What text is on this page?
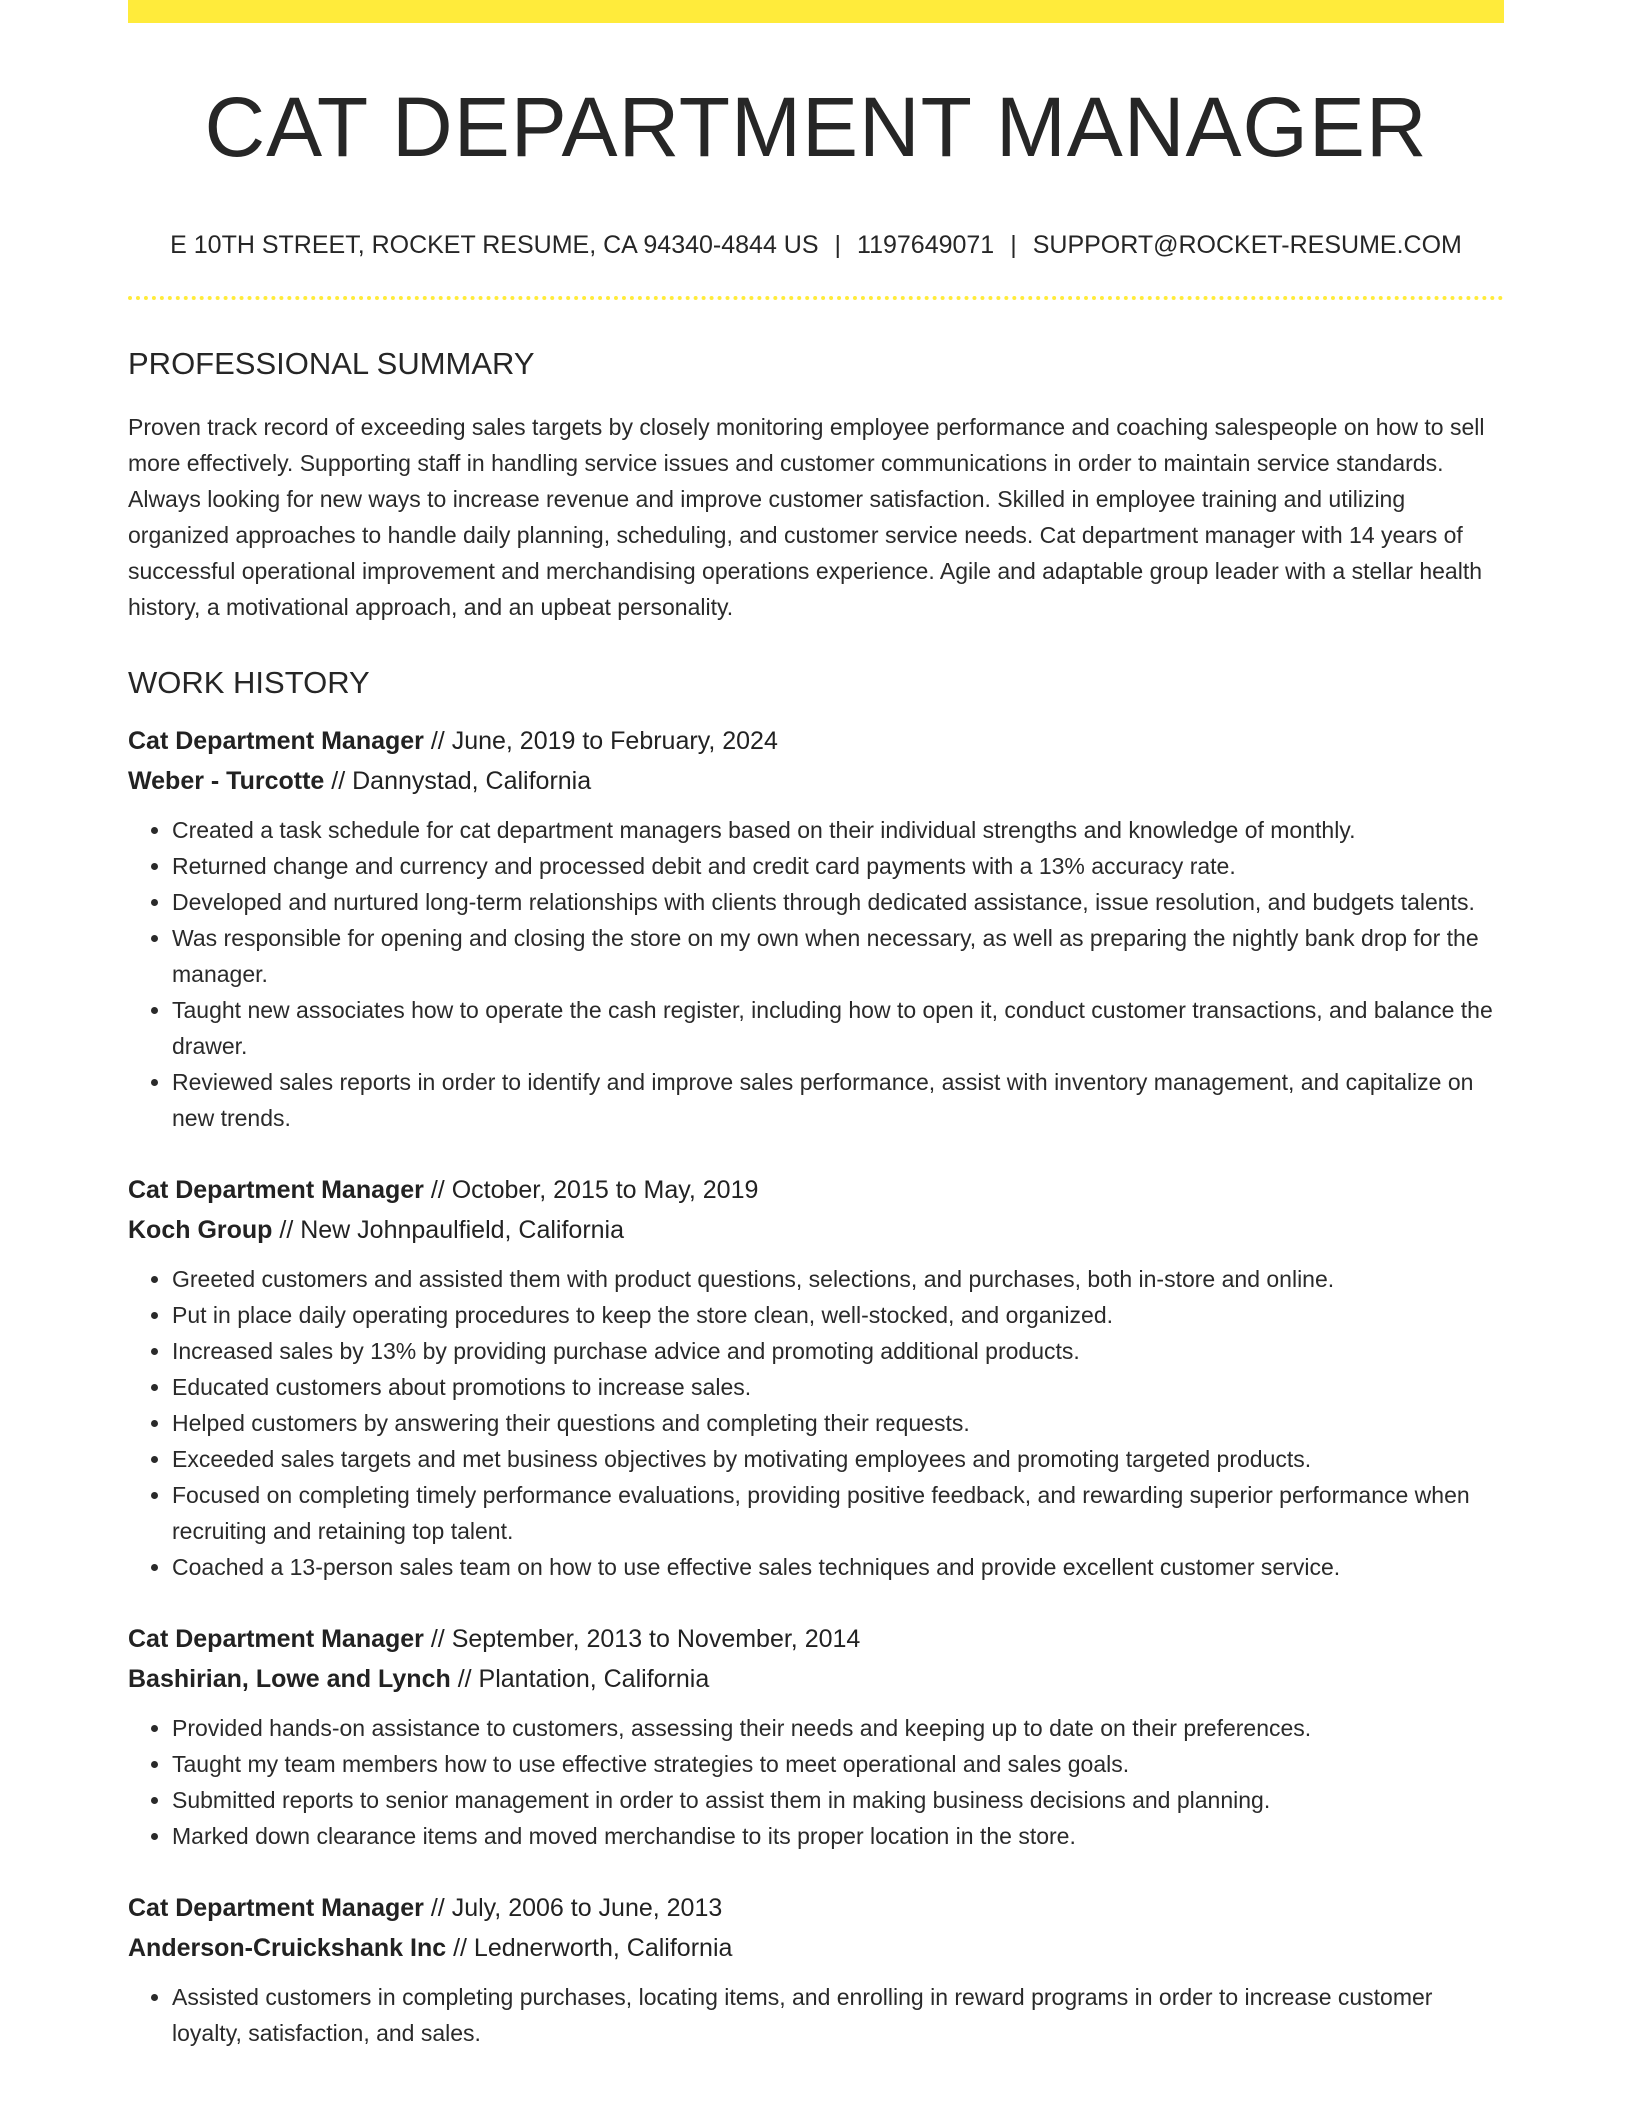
CAT DEPARTMENT MANAGER
E 10TH STREET, ROCKET RESUME, CA 94340-4844 US | 1197649071 | SUPPORT@ROCKET-RESUME.COM
PROFESSIONAL SUMMARY

Proven track record of exceeding sales targets by closely monitoring employee performance and coaching salespeople on how to sell more effectively. Supporting staff in handling service issues and customer communications in order to maintain service standards. Always looking for new ways to increase revenue and improve customer satisfaction. Skilled in employee training and utilizing organized approaches to handle daily planning, scheduling, and customer service needs. Cat department manager with 14 years of successful operational improvement and merchandising operations experience. Agile and adaptable group leader with a stellar health history, a motivational approach, and an upbeat personality.

WORK HISTORY
Cat Department Manager // June, 2019 to February, 2024
Weber - Turcotte // Dannystad, California
• Created a task schedule for cat department managers based on their individual strengths and knowledge of monthly.
• Returned change and currency and processed debit and credit card payments with a 13% accuracy rate.
• Developed and nurtured long-term relationships with clients through dedicated assistance, issue resolution, and budgets talents.
• Was responsible for opening and closing the store on my own when necessary, as well as preparing the nightly bank drop for the manager.
• Taught new associates how to operate the cash register, including how to open it, conduct customer transactions, and balance the drawer.
• Reviewed sales reports in order to identify and improve sales performance, assist with inventory management, and capitalize on new trends.
Cat Department Manager // October, 2015 to May, 2019
Koch Group // New Johnpaulfield, California
• Greeted customers and assisted them with product questions, selections, and purchases, both in-store and online.
• Put in place daily operating procedures to keep the store clean, well-stocked, and organized.
• Increased sales by 13% by providing purchase advice and promoting additional products.
• Educated customers about promotions to increase sales.
• Helped customers by answering their questions and completing their requests.
• Exceeded sales targets and met business objectives by motivating employees and promoting targeted products.
• Focused on completing timely performance evaluations, providing positive feedback, and rewarding superior performance when recruiting and retaining top talent.
• Coached a 13-person sales team on how to use effective sales techniques and provide excellent customer service.
Cat Department Manager // September, 2013 to November, 2014
Bashirian, Lowe and Lynch // Plantation, California
• Provided hands-on assistance to customers, assessing their needs and keeping up to date on their preferences.
• Taught my team members how to use effective strategies to meet operational and sales goals.
• Submitted reports to senior management in order to assist them in making business decisions and planning.
• Marked down clearance items and moved merchandise to its proper location in the store.
Cat Department Manager // July, 2006 to June, 2013
Anderson-Cruickshank Inc // Lednerworth, California
• Assisted customers in completing purchases, locating items, and enrolling in reward programs in order to increase customer loyalty, satisfaction, and sales.
